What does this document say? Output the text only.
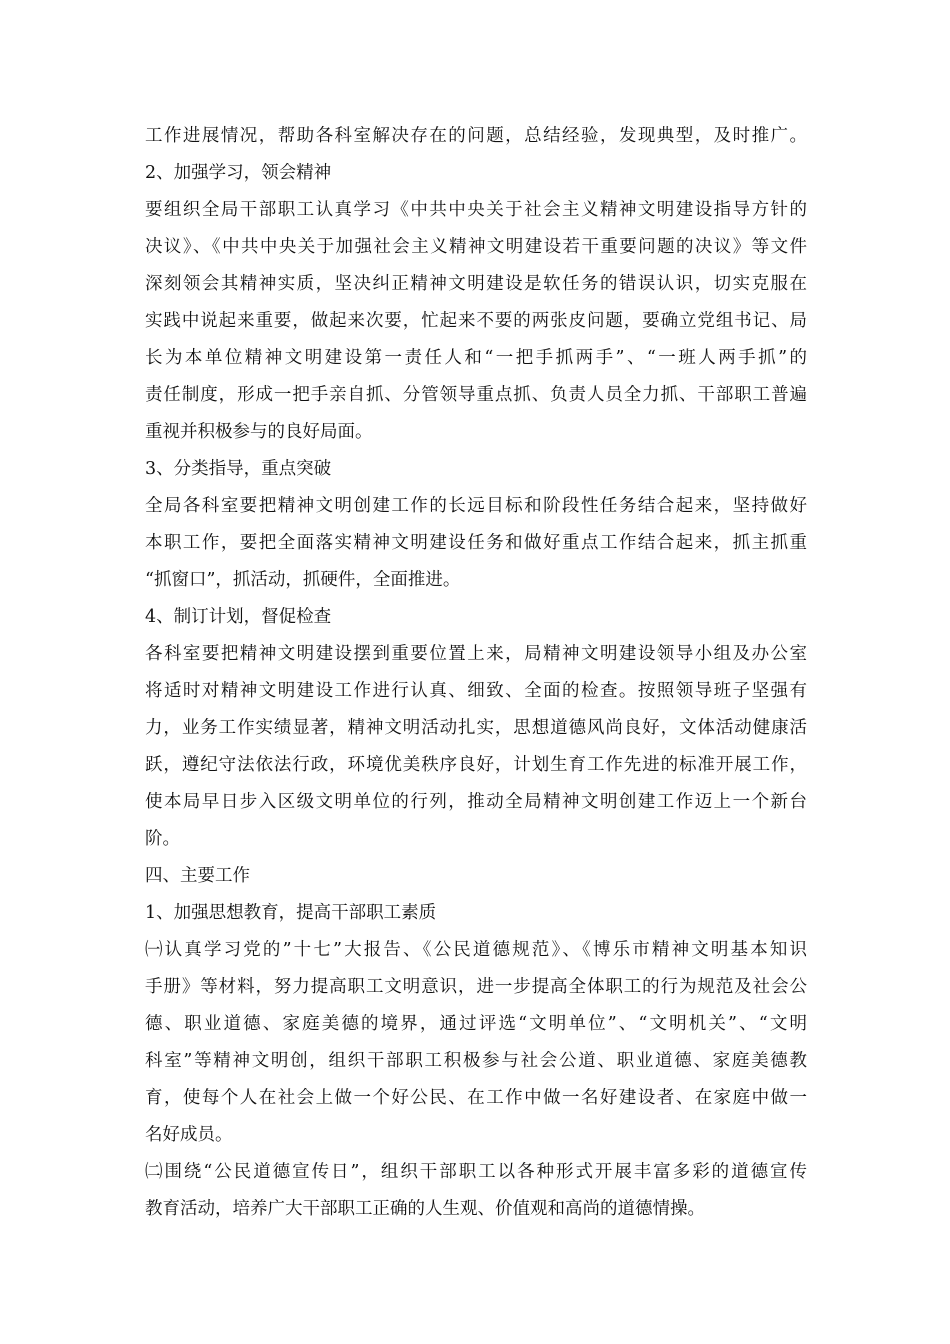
工作进展情况，帮助各科室解决存在的问题，总结经验，发现典型，及时推广。
2、加强学习，领会精神
要组织全局干部职工认真学习《中共中央关于社会主义精神文明建设指导方针的
决议》、《中共中央关于加强社会主义精神文明建设若干重要问题的决议》等文件
深刻领会其精神实质，坚决纠正精神文明建设是软任务的错误认识，切实克服在
实践中说起来重要，做起来次要，忙起来不要的两张皮问题，要确立党组书记、局
长为本单位精神文明建设第一责任人和“一把手抓两手”、“一班人两手抓”的
责任制度，形成一把手亲自抓、分管领导重点抓、负责人员全力抓、干部职工普遍
重视并积极参与的良好局面。
3、分类指导，重点突破
全局各科室要把精神文明创建工作的长远目标和阶段性任务结合起来，坚持做好
本职工作，要把全面落实精神文明建设任务和做好重点工作结合起来，抓主抓重
“抓窗口”，抓活动，抓硬件，全面推进。
4、制订计划，督促检查
各科室要把精神文明建设摆到重要位置上来，局精神文明建设领导小组及办公室
将适时对精神文明建设工作进行认真、细致、全面的检查。按照领导班子坚强有
力，业务工作实绩显著，精神文明活动扎实，思想道德风尚良好，文体活动健康活
跃，遵纪守法依法行政，环境优美秩序良好，计划生育工作先进的标准开展工作，
使本局早日步入区级文明单位的行列，推动全局精神文明创建工作迈上一个新台
阶。
四、主要工作
1、加强思想教育，提高干部职工素质
㈠认真学习党的”十七”大报告、《公民道德规范》、《博乐市精神文明基本知识
手册》等材料，努力提高职工文明意识，进一步提高全体职工的行为规范及社会公
德、职业道德、家庭美德的境界，通过评选“文明单位”、“文明机关”、“文明
科室”等精神文明创，组织干部职工积极参与社会公道、职业道德、家庭美德教
育，使每个人在社会上做一个好公民、在工作中做一名好建设者、在家庭中做一
名好成员。
㈡围绕“公民道德宣传日”，组织干部职工以各种形式开展丰富多彩的道德宣传
教育活动，培养广大干部职工正确的人生观、价值观和高尚的道德情操。
